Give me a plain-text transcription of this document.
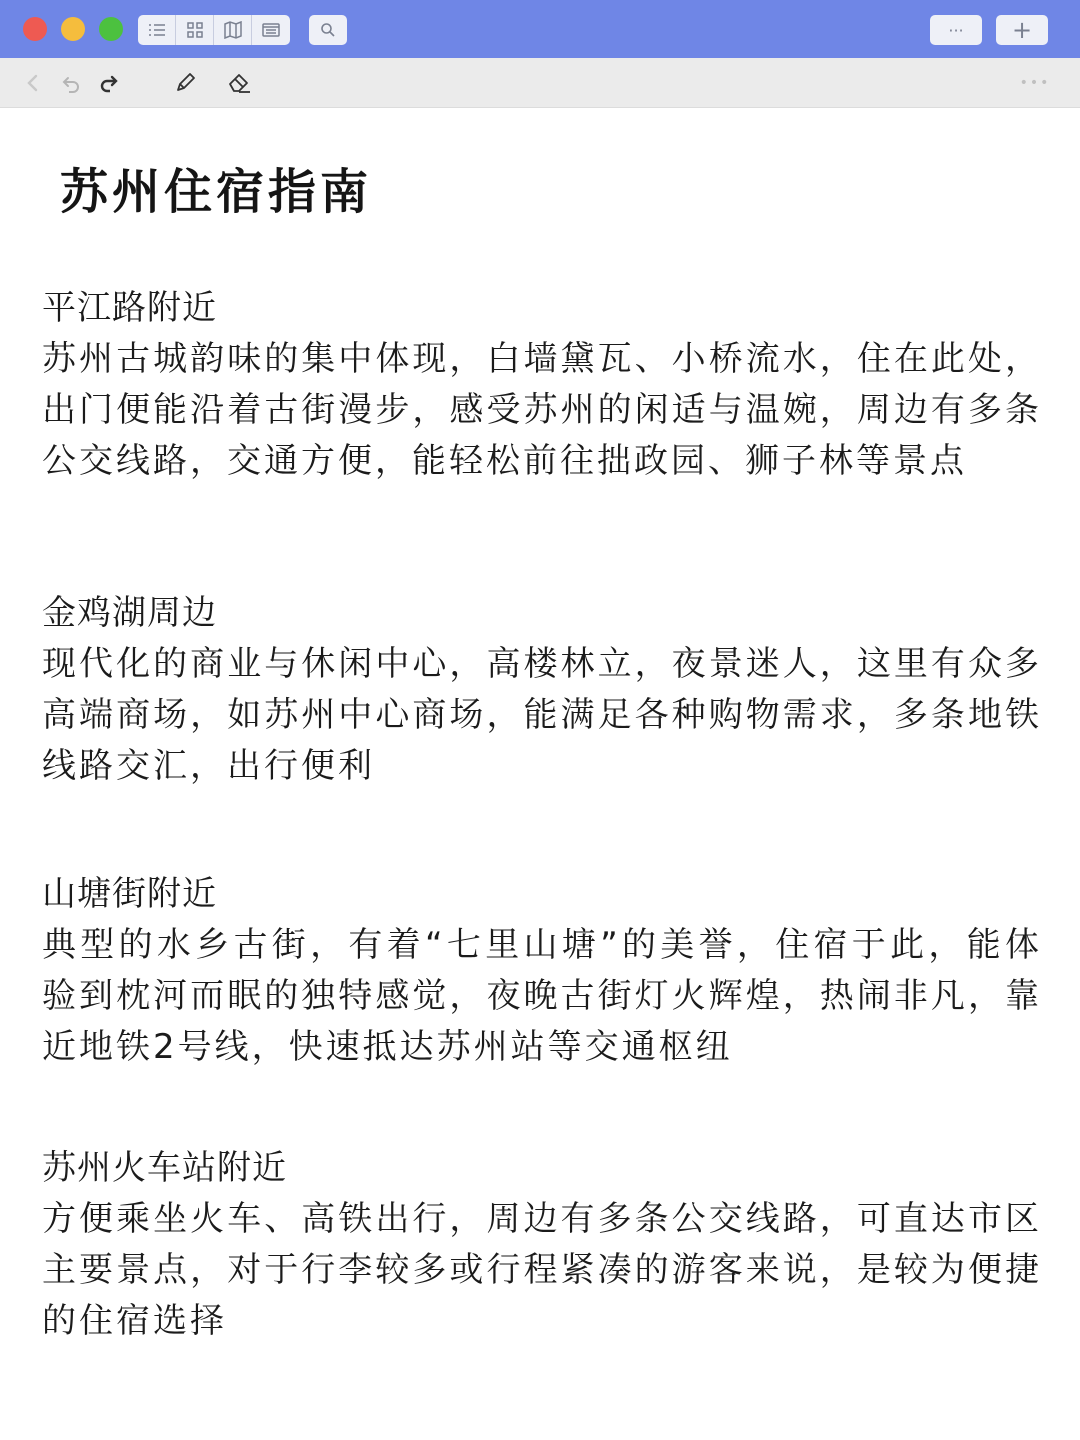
··· +
•••
苏州住宿指南
平江路附近

苏州古城韵味的集中体现，白墙黛瓦、小桥流水，住在此处，出门便能沿着古街漫步，感受苏州的闲适与温婉，周边有多条公交线路，交通方便，能轻松前往拙政园、狮子林等景点

金鸡湖周边

现代化的商业与休闲中心，高楼林立，夜景迷人，这里有众多高端商场，如苏州中心商场，能满足各种购物需求，多条地铁线路交汇，出行便利

山塘街附近

典型的水乡古街，有着“七里山塘”的美誉，住宿于此，能体验到枕河而眠的独特感觉，夜晚古街灯火辉煌，热闹非凡，靠近地铁2号线，快速抵达苏州站等交通枢纽

苏州火车站附近

方便乘坐火车、高铁出行，周边有多条公交线路，可直达市区主要景点，对于行李较多或行程紧凑的游客来说，是较为便捷的住宿选择
